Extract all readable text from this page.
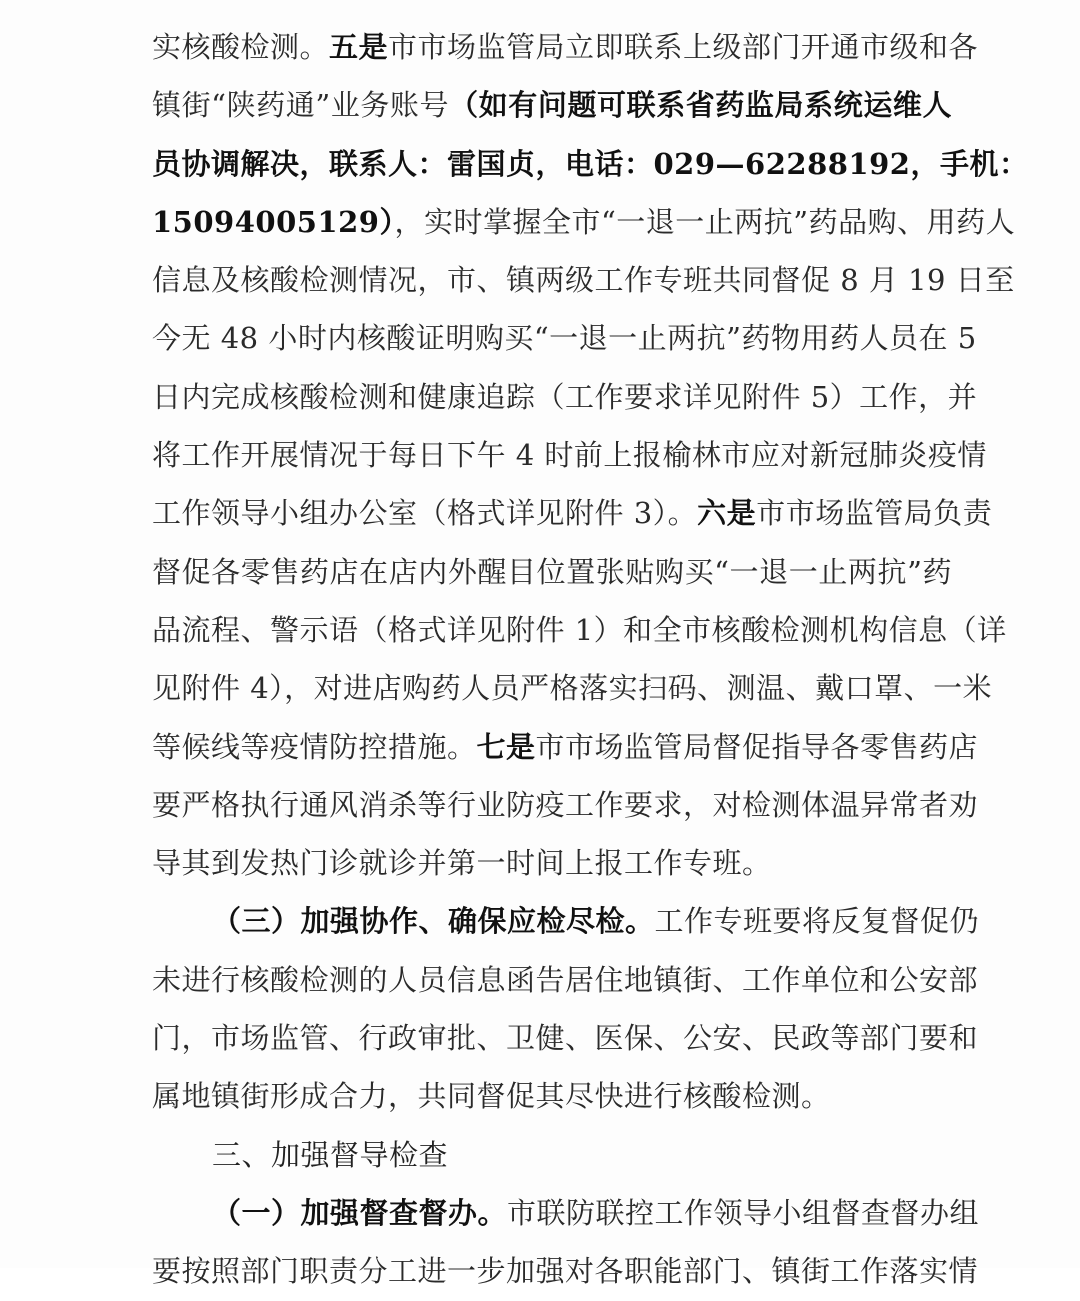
实核酸检测。五是市市场监管局立即联系上级部门开通市级和各
镇街“陕药通”业务账号（如有问题可联系省药监局系统运维人
员协调解决，联系人：雷国贞，电话：029—62288192，手机：
15094005129），实时掌握全市“一退一止两抗”药品购、用药人
信息及核酸检测情况，市、镇两级工作专班共同督促 8 月 19 日至
今无 48 小时内核酸证明购买“一退一止两抗”药物用药人员在 5
日内完成核酸检测和健康追踪（工作要求详见附件 5）工作，并
将工作开展情况于每日下午 4 时前上报榆林市应对新冠肺炎疫情
工作领导小组办公室（格式详见附件 3）。六是市市场监管局负责
督促各零售药店在店内外醒目位置张贴购买“一退一止两抗”药
品流程、警示语（格式详见附件 1）和全市核酸检测机构信息（详
见附件 4），对进店购药人员严格落实扫码、测温、戴口罩、一米
等候线等疫情防控措施。七是市市场监管局督促指导各零售药店
要严格执行通风消杀等行业防疫工作要求，对检测体温异常者劝
导其到发热门诊就诊并第一时间上报工作专班。
（三）加强协作、确保应检尽检。工作专班要将反复督促仍
未进行核酸检测的人员信息函告居住地镇街、工作单位和公安部
门，市场监管、行政审批、卫健、医保、公安、民政等部门要和
属地镇街形成合力，共同督促其尽快进行核酸检测。
三、加强督导检查
（一）加强督查督办。市联防联控工作领导小组督查督办组
要按照部门职责分工进一步加强对各职能部门、镇街工作落实情
